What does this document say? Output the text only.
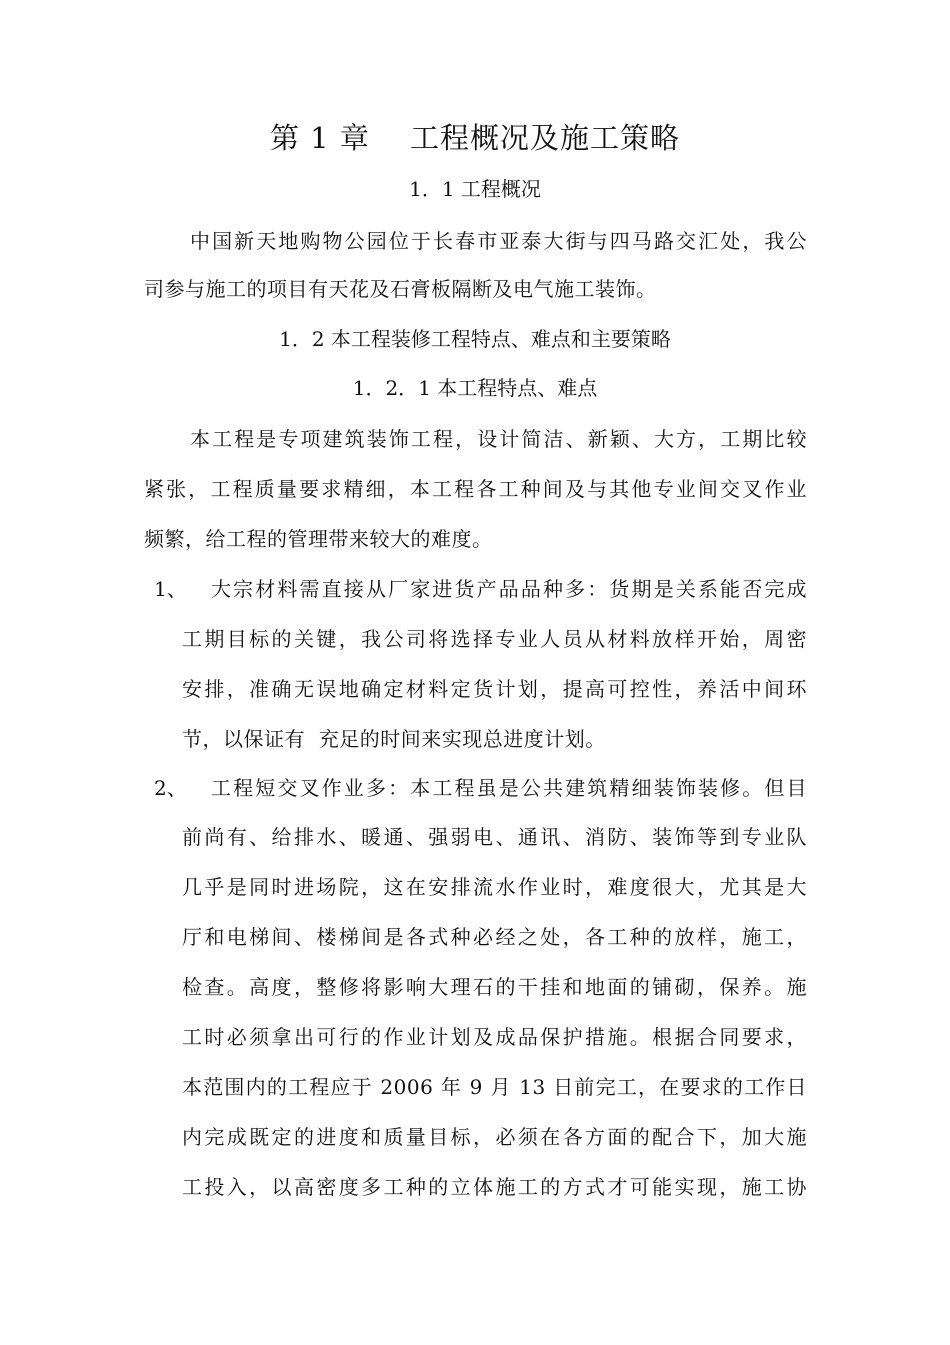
第 1 章　 工程概况及施工策略
1．1 工程概况
中国新天地购物公园位于长春市亚泰大街与四马路交汇处，我公
司参与施工的项目有天花及石膏板隔断及电气施工装饰。
1．2 本工程装修工程特点、难点和主要策略
1．2．1 本工程特点、难点
本工程是专项建筑装饰工程，设计简洁、新颖、大方，工期比较
紧张，工程质量要求精细，本工程各工种间及与其他专业间交叉作业
频繁，给工程的管理带来较大的难度。
1、 大宗材料需直接从厂家进货产品品种多：货期是关系能否完成
工期目标的关键，我公司将选择专业人员从材料放样开始，周密
安排，准确无误地确定材料定货计划，提高可控性，养活中间环
节，以保证有  充足的时间来实现总进度计划。
2、 工程短交叉作业多：本工程虽是公共建筑精细装饰装修。但目
前尚有、给排水、暖通、强弱电、通讯、消防、装饰等到专业队
几乎是同时进场院，这在安排流水作业时，难度很大，尤其是大
厅和电梯间、楼梯间是各式种必经之处，各工种的放样，施工，
检查。高度，整修将影响大理石的干挂和地面的铺砌，保养。施
工时必须拿出可行的作业计划及成品保护措施。根据合同要求，
本范围内的工程应于 2006 年 9 月 13 日前完工，在要求的工作日
内完成既定的进度和质量目标，必须在各方面的配合下，加大施
工投入，以高密度多工种的立体施工的方式才可能实现，施工协
